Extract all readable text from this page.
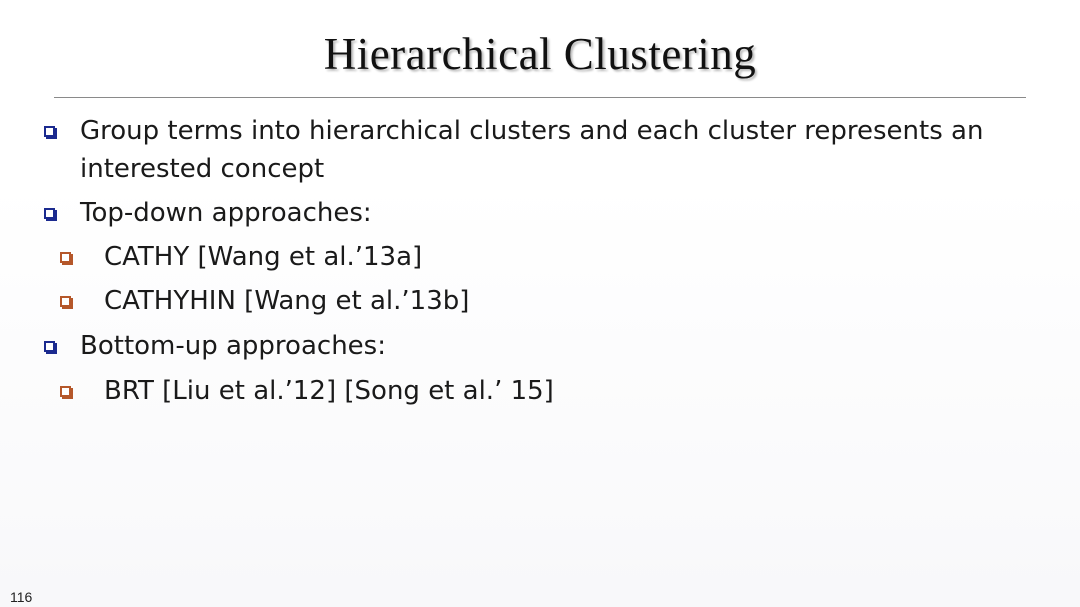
Hierarchical Clustering
Group terms into hierarchical clusters and each cluster represents an
interested concept
Top-down approaches:
CATHY [Wang et al.’13a]
CATHYHIN [Wang et al.’13b]
Bottom-up approaches:
BRT [Liu et al.’12] [Song et al.’ 15]
116
